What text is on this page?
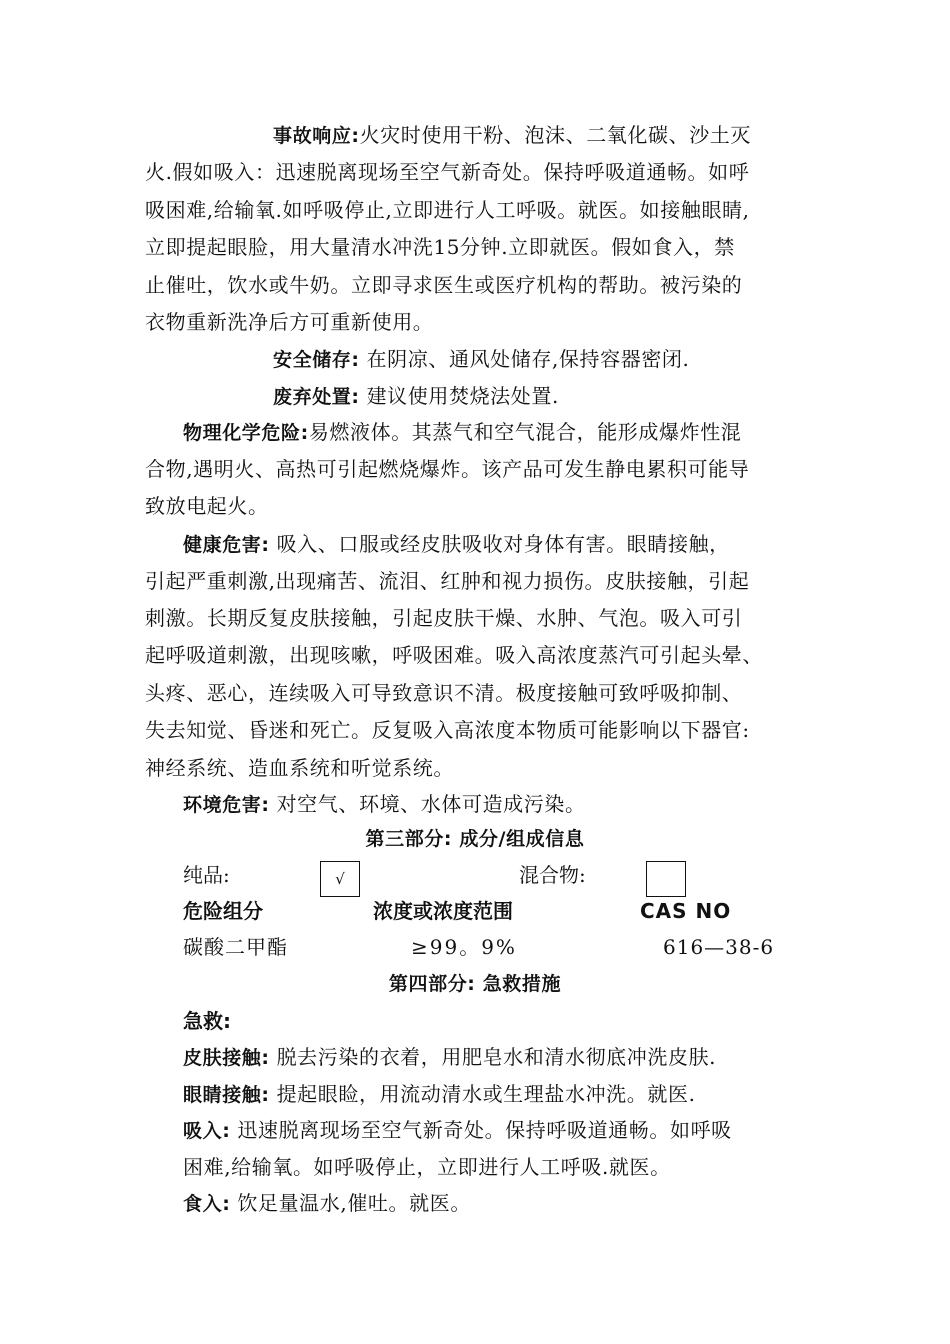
事故响应:火灾时使用干粉、泡沫、二氧化碳、沙土灭
火.假如吸入：迅速脱离现场至空气新奇处。保持呼吸道通畅。如呼
吸困难,给输氧.如呼吸停止,立即进行人工呼吸。就医。如接触眼睛,
立即提起眼脸，用大量清水冲洗15分钟.立即就医。假如食入，禁
止催吐，饮水或牛奶。立即寻求医生或医疗机构的帮助。被污染的
衣物重新洗净后方可重新使用。
安全储存: 在阴凉、通风处储存,保持容器密闭.
废弃处置: 建议使用焚烧法处置.
物理化学危险:易燃液体。其蒸气和空气混合，能形成爆炸性混
合物,遇明火、高热可引起燃烧爆炸。该产品可发生静电累积可能导
致放电起火。
健康危害: 吸入、口服或经皮肤吸收对身体有害。眼睛接触，
引起严重刺激,出现痛苦、流泪、红肿和视力损伤。皮肤接触，引起
刺激。长期反复皮肤接触，引起皮肤干燥、水肿、气泡。吸入可引
起呼吸道刺激，出现咳嗽，呼吸困难。吸入高浓度蒸汽可引起头晕、
头疼、恶心，连续吸入可导致意识不清。极度接触可致呼吸抑制、
失去知觉、昏迷和死亡。反复吸入高浓度本物质可能影响以下器官:
神经系统、造血系统和听觉系统。
环境危害: 对空气、环境、水体可造成污染。
第三部分: 成分/组成信息
纯品:	√	混合物:
危险组分	浓度或浓度范围	CAS NO
碳酸二甲酯	≥99。9%	616—38-6
第四部分: 急救措施
急救:
皮肤接触: 脱去污染的衣着，用肥皂水和清水彻底冲洗皮肤.
眼睛接触: 提起眼睑，用流动清水或生理盐水冲洗。就医.
吸入: 迅速脱离现场至空气新奇处。保持呼吸道通畅。如呼吸
困难,给输氧。如呼吸停止，立即进行人工呼吸.就医。
食入: 饮足量温水,催吐。就医。
